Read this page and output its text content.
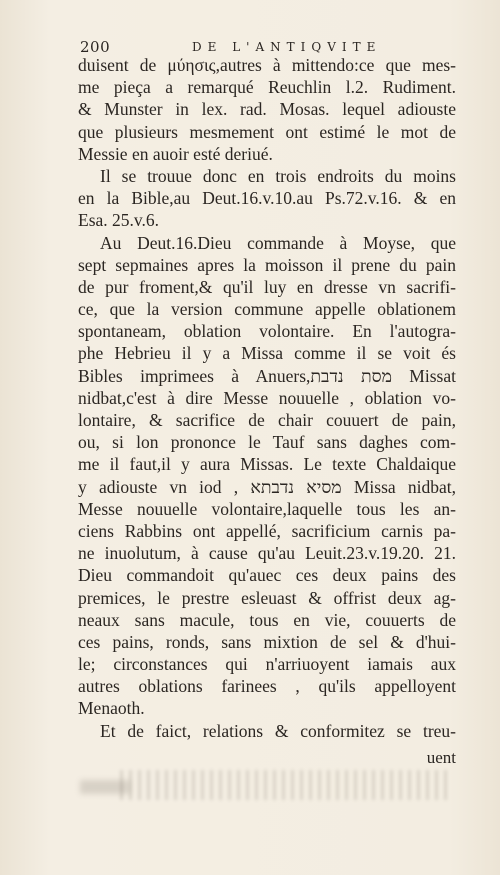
200	DE L'ANTIQVITE
duisent de μύησις,autres à mittendo:ce que mes-
me pieça a remarqué Reuchlin l.2. Rudiment.
& Munster in lex. rad. Mosas. lequel adiouste
que plusieurs mesmement ont estimé le mot de
Messie en auoir esté deriué.
Il se trouue donc en trois endroits du moins
en la Bible,au Deut.16.v.10.au Ps.72.v.16. & en
Esa. 25.v.6.
Au Deut.16.Dieu commande à Moyse, que
sept sepmaines apres la moisson il prene du pain
de pur froment,& qu'il luy en dresse vn sacrifi-
ce, que la version commune appelle oblationem
spontaneam, oblation volontaire. En l'autogra-
phe Hebrieu il y a Missa comme il se voit és
Bibles imprimees à Anuers,מסת נדבת Missat
nidbat,c'est à dire Messe nouuelle , oblation vo-
lontaire, & sacrifice de chair couuert de pain,
ou, si lon prononce le Tauf sans daghes com-
me il faut,il y aura Missas. Le texte Chaldaique
y adiouste vn iod , מסיא נדבתא Missa nidbat,
Messe nouuelle volontaire,laquelle tous les an-
ciens Rabbins ont appellé, sacrificium carnis pa-
ne inuolutum, à cause qu'au Leuit.23.v.19.20. 21.
Dieu commandoit qu'auec ces deux pains des
premices, le prestre esleuast & offrist deux ag-
neaux sans macule, tous en vie, couuerts de
ces pains, ronds, sans mixtion de sel & d'hui-
le; circonstances qui n'arriuoyent iamais aux
autres oblations farinees , qu'ils appelloyent
Menaoth.
Et de faict, relations & conformitez se treu-
uent
